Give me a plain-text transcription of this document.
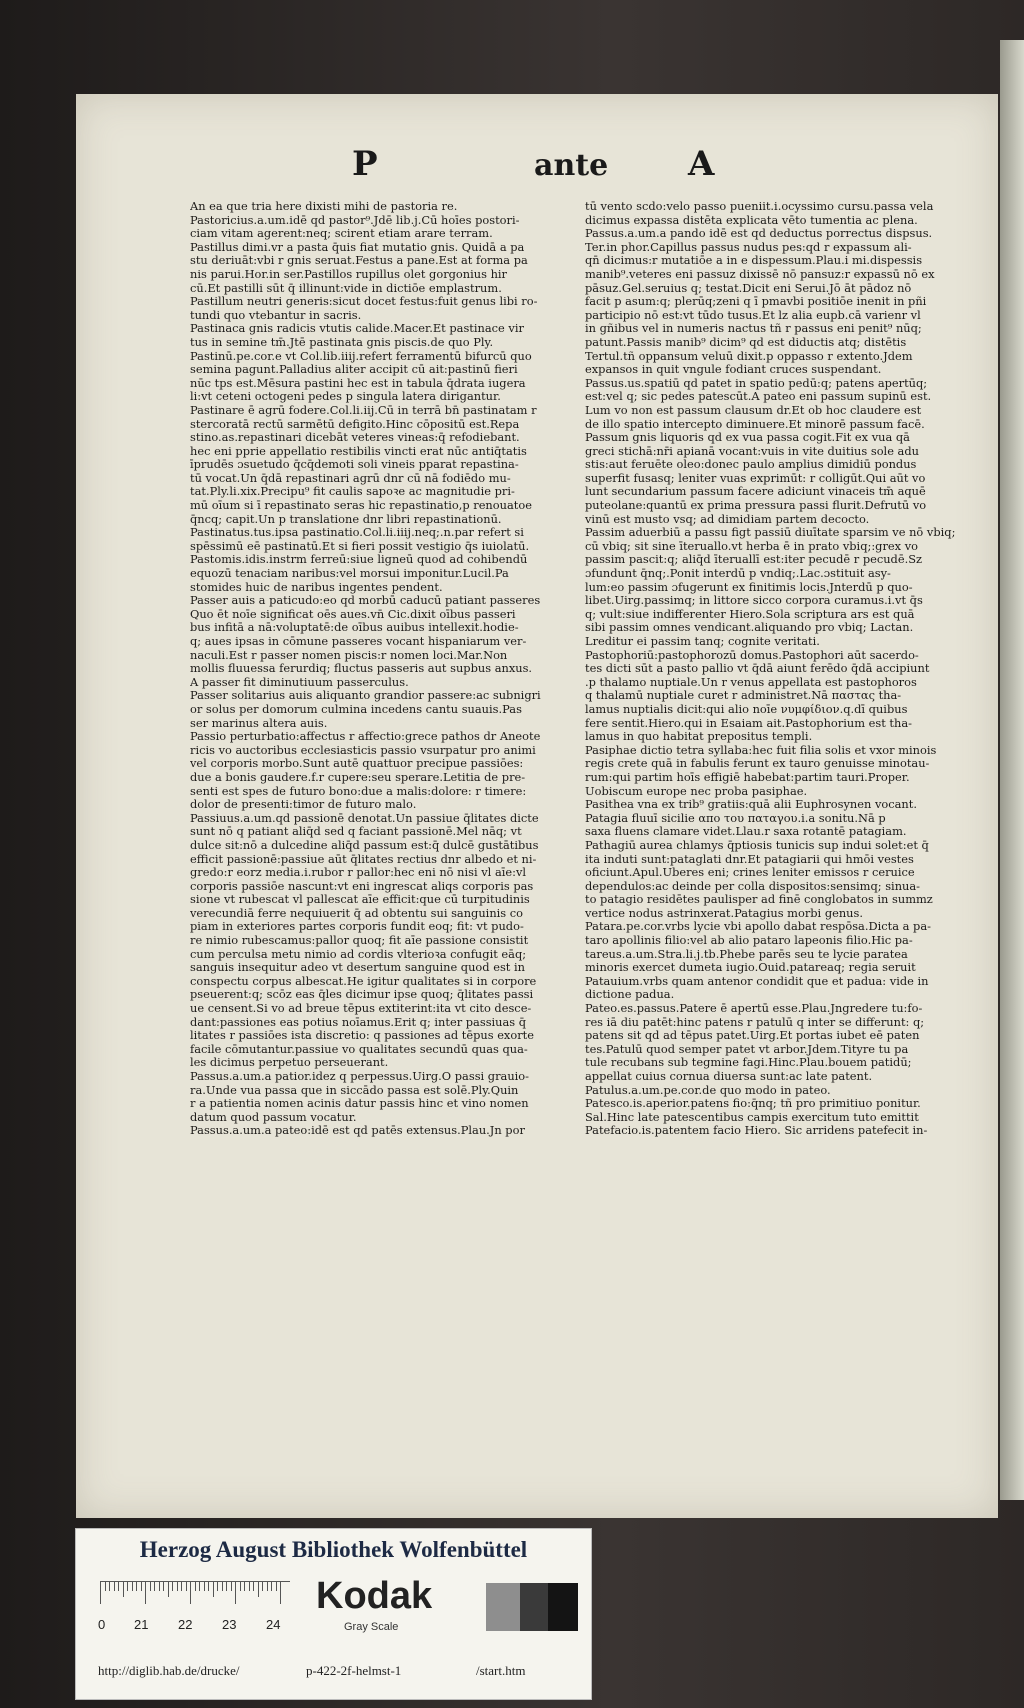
P	ante A

An ea que tria here dixisti mihi de pastoria re.

Pastoricius.a.um.idē qd pastor⁹.Jdē lib.j.Cū hoīes postori-

ciam vitam agerent:neq; scirent etiam arare terram.

Pastillus dimi.vr a pasta q̄uis fiat mutatio gnis. Quidā a pa

stu deriuāt:vbi r gnis seruat.Festus a pane.Est at forma pa

nis parui.Hor.in ser.Pastillos rupillus olet gorgonius hir

cū.Et pastilli sūt q̄ illinunt:vide in dictiōe emplastrum.

Pastillum neutri generis:sicut docet festus:fuit genus libi ro-

tundi quo vtebantur in sacris.

Pastinaca gnis radicis vtutis calide.Macer.Et pastinace vir

tus in semine tm̄.Jtē pastinata gnis piscis.de quo Ply.

Pastinū.pe.cor.e vt Col.lib.iiij.refert ferramentū bifurcū quo

semina pagunt.Palladius aliter accipit cū ait:pastinū fieri

nūc tps est.Mēsura pastini hec est in tabula q̄drata iugera

li:vt ceteni octogeni pedes p singula latera dirigantur.

Pastinare ē agrū fodere.Col.li.iij.Cū in terrā bn̄ pastinatam r

stercoratā rectū sarmētū defigito.Hinc cōpositū est.Repa

stino.as.repastinari dicebāt veteres vineas:q̄ refodiebant.

hec eni pprie appellatio restibilis vincti erat nūc antiq̄tatis

īprudēs ɔsuetudo q̄cq̄demoti soli vineis pparat repastina-

tū vocat.Un q̄dā repastinari agrū dnr cū nā fodiēdo mu-

tat.Ply.li.xix.Precipu⁹ fit caulis sapoꝛe ac magnitudie pri-

mū oīum si ī repastinato seras hic repastinatio,p renouatoe

q̄ncq; capit.Un p translatione dnr libri repastinationū.

Pastinatus.tus.ipsa pastinatio.Col.li.iiij.neq;.n.par refert si

spēssimū eē pastinatū.Et si fieri possit vestigio q̄s iuiolatū.

Pastomis.idis.instrm ferreū:siue ligneū quod ad cohibendū

equozū tenaciam naribus:vel morsui imponitur.Lucil.Pa

stomides huic de naribus ingentes pendent.

Passer auis a paticudo:eo qd morbū caducū patiant passeres

Quo ēt noīe significat oēs aues.vn̄ Cic.dixit oībus passeri

bus infitā a nā:voluptatē:de oībus auibus intellexit.hodie-

q; aues ipsas in cōmune passeres vocant hispaniarum ver-

naculi.Est r passer nomen piscis:r nomen loci.Mar.Non

mollis fluuessa ferurdiq; fluctus passeris aut supbus anxus.

A passer fit diminutiuum passerculus.

Passer solitarius auis aliquanto grandior passere:ac subnigri

or solus per domorum culmina incedens cantu suauis.Pas

ser marinus altera auis.

Passio perturbatio:affectus r affectio:grece pathos dr Aneote

ricis vo auctoribus ecclesiasticis passio vsurpatur pro animi

vel corporis morbo.Sunt autē quattuor precipue passiōes:

due a bonis gaudere.f.r cupere:seu sperare.Letitia de pre-

senti est spes de futuro bono:due a malis:dolore: r timere:

dolor de presenti:timor de futuro malo.

Passiuus.a.um.qd passionē denotat.Un passiue q̄litates dicte

sunt nō q patiant aliq̄d sed q faciant passionē.Mel nāq; vt

dulce sit:nō a dulcedine aliq̄d passum est:q̄ dulcē gustātibus

efficit passionē:passiue aūt q̄litates rectius dnr albedo et ni-

gredo:r eorz media.i.rubor r pallor:hec eni nō nisi vl aīe:vl

corporis passiōe nascunt:vt eni ingrescat aliqs corporis pas

sione vt rubescat vl pallescat aīe efficit:que cū turpitudinis

verecundiā ferre nequiuerit q̄ ad obtentu sui sanguinis co

piam in exteriores partes corporis fundit eoq; fit: vt pudo-

re nimio rubescamus:pallor quoq; fit aīe passione consistit

cum perculsa metu nimio ad cordis vlterioꝛa confugit eāq;

sanguis insequitur adeo vt desertum sanguine quod est in

conspectu corpus albescat.He igitur qualitates si in corpore

pseuerent:q; scōz eas q̄les dicimur ipse quoq; q̄litates passi

ue censent.Si vo ad breue tēpus extiterint:ita vt cito desce-

dant:passiones eas potius noīamus.Erit q; inter passiuas q̄

litates r passiōes ista discretio: q passiones ad tēpus exorte

facile cōmutantur.passiue vo qualitates secundū quas qua-

les dicimus perpetuo perseuerant.

Passus.a.um.a patior.idez q perpessus.Uirg.O passi grauio-

ra.Unde vua passa que in siccādo passa est solē.Ply.Quin

r a patientia nomen acinis datur passis hinc et vino nomen

datum quod passum vocatur.

Passus.a.um.a pateo:idē est qd patēs extensus.Plau.Jn por

tū vento scdo:velo passo pueniit.i.ocyssimo cursu.passa vela

dicimus expassa distēta explicata vēto tumentia ac plena.

Passus.a.um.a pando idē est qd deductus porrectus dispsus.

Ter.in phor.Capillus passus nudus pes:qd r expassum ali-

qn̄ dicimus:r mutatiōe a in e dispessum.Plau.i mi.dispessis

manib⁹.veteres eni passuz dixissē nō pansuz:r expassū nō ex

pāsuz.Gel.seruius q; testat.Dicit eni Serui.Jō āt pādoz nō

facit p asum:q; plerūq;zeni q ī pmavbi positiōe inenit in pñi

participio nō est:vt tūdo tusus.Et lz alia eupb.cā varienr vl

in gñibus vel in numeris nactus tñ r passus eni penit⁹ nūq;

patunt.Passis manib⁹ dicim⁹ qd est diductis atq; distētis

Tertul.tñ oppansum veluū dixit.p oppasso r extento.Jdem

expansos in quit vngule fodiant cruces suspendant.

Passus.us.spatiū qd patet in spatio pedū:q; patens apertūq;

est:vel q; sic pedes patescūt.A pateo eni passum supinū est.

Lum vo non est passum clausum dr.Et ob hoc claudere est

de illo spatio intercepto diminuere.Et minorē passum facē.

Passum gnis liquoris qd ex vua passa cogit.Fit ex vua qā

greci stichā:nr̄i apianā vocant:vuis in vite duitius sole adu

stis:aut feruēte oleo:donec paulo amplius dimidiū pondus

superfit fusasq; leniter vuas exprimūt: r colligūt.Qui aūt vo

lunt secundarium passum facere adiciunt vinaceis tm̄ aquē

puteolane:quantū ex prima pressura passi flurit.Defrutū vo

vinū est musto vsq; ad dimidiam partem decocto.

Passim aduerbiū a passu figt passiū diuītate sparsim ve nō vbiq;

cū vbiq; sit sine īteruallo.vt herba ē in prato vbiq;:grex vo

passim pascit:q; aliq̄d īteruallī est:iter pecudē r pecudē.Sz

ɔfundunt q̄nq;.Ponit interdū p vndiq;.Lac.ɔstituit asy-

lum:eo passim ɔfugerunt ex finitimis locis.Jnterdū p quo-

libet.Uirg.passimq; in littore sicco corpora curamus.i.vt q̄s

q; vult:siue indifferenter Hiero.Sola scriptura ars est quā

sibi passim omnes vendicant.aliquando pro vbiq; Lactan.

Lreditur ei passim tanq; cognite veritati.

Pastophoriū:pastophorozū domus.Pastophori aūt sacerdo-

tes dicti sūt a pasto pallio vt q̄dā aiunt ferēdo q̄dā accipiunt

.p thalamo nuptiale.Un r venus appellata est pastophoros

q thalamū nuptiale curet r administret.Nā παστας tha-

lamus nuptialis dicit:qui alio noīe νυμφίδιον.q.dī quibus

fere sentit.Hiero.qui in Esaiam ait.Pastophorium est tha-

lamus in quo habitat prepositus templi.

Pasiphae dictio tetra syllaba:hec fuit filia solis et vxor minois

regis crete quā in fabulis ferunt ex tauro genuisse minotau-

rum:qui partim hoīs effigiē habebat:partim tauri.Proper.

Uobiscum europe nec proba pasiphae.

Pasithea vna ex trib⁹ gratiis:quā alii Euphrosynen vocant.

Patagia fluuī sicilie απο του παταγου.i.a sonitu.Nā p

saxa fluens clamare videt.Llau.r saxa rotantē patagiam.

Pathagiū aurea chlamys q̄ptiosis tunicis sup indui solet:et q̄

ita induti sunt:pataglati dnr.Et patagiarii qui hmōi vestes

oficiunt.Apul.Uberes eni; crines leniter emissos r ceruice

dependulos:ac deinde per colla dispositos:sensimq; sinua-

to patagio residētes paulisper ad finē conglobatos in summz

vertice nodus astrinxerat.Patagius morbi genus.

Patara.pe.cor.vrbs lycie vbi apollo dabat respōsa.Dicta a pa-

taro apollinis filio:vel ab alio pataro lapeonis filio.Hic pa-

tareus.a.um.Stra.li.j.tb.Phebe parēs seu te lycie paratea

minoris exercet dumeta iugio.Ouid.patareaq; regia seruit

Patauium.vrbs quam antenor condidit que et padua: vide in

dictione padua.

Pateo.es.passus.Patere ē apertū esse.Plau.Jngredere tu:fo-

res iā diu patēt:hinc patens r patulū q inter se differunt: q;

patens sit qd ad tēpus patet.Uirg.Et portas iubet eē paten

tes.Patulū quod semper patet vt arbor.Jdem.Tityre tu pa

tule recubans sub tegmine fagi.Hinc.Plau.bouem patidū;

appellat cuius cornua diuersa sunt:ac late patent.

Patulus.a.um.pe.cor.de quo modo in pateo.

Patesco.is.aperior.patens fio:q̄nq; tñ pro primitiuo ponitur.

Sal.Hinc late patescentibus campis exercitum tuto emittit

Patefacio.is.patentem facio Hiero. Sic arridens patefecit in-

Herzog August Bibliothek Wolfenbüttel
0 21 22 23 24
Kodak
Gray Scale
http://diglib.hab.de/drucke/	p-422-2f-helmst-1	/start.htm
